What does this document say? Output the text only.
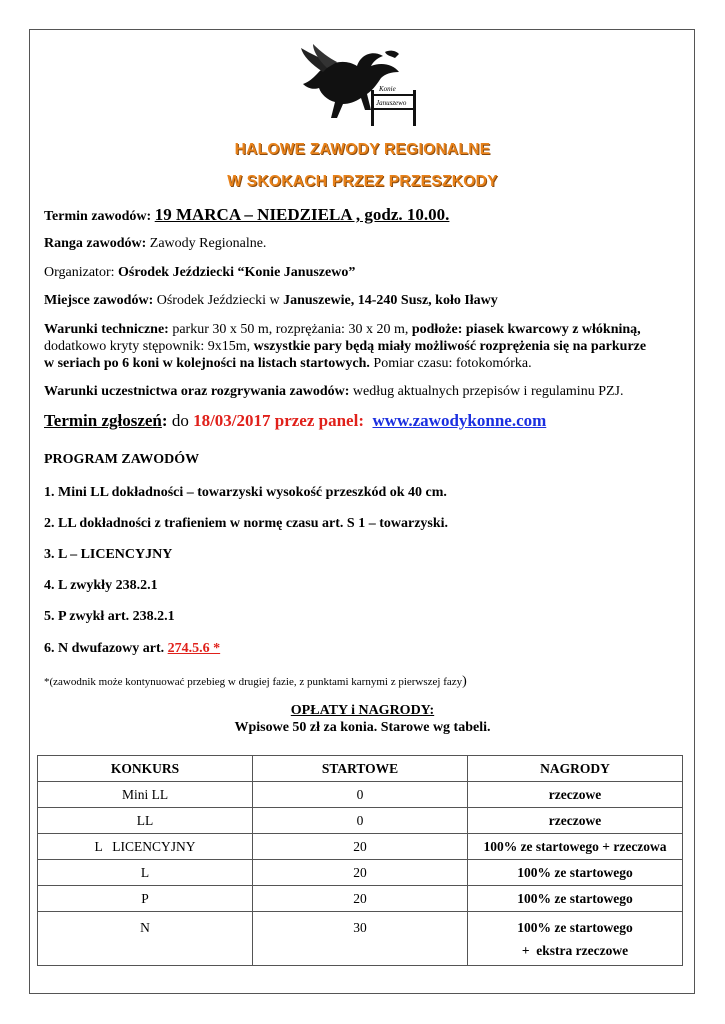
Konie
Januszewo
HALOWE ZAWODY REGIONALNE
W SKOKACH PRZEZ PRZESZKODY
Termin zawodów: 19 MARCA – NIEDZIELA , godz. 10.00.
Ranga zawodów: Zawody Regionalne.
Organizator: Ośrodek Jeździecki “Konie Januszewo”
Miejsce zawodów: Ośrodek Jeździecki w Januszewie, 14-240 Susz, koło Iławy
Warunki techniczne: parkur 30 x 50 m, rozprężania: 30 x 20 m, podłoże: piasek kwarcowy z włókniną,
dodatkowo kryty stępownik: 9x15m, wszystkie pary będą miały możliwość rozprężenia się na parkurze
w seriach po 6 koni w kolejności na listach startowych. Pomiar czasu: fotokomórka.
Warunki uczestnictwa oraz rozgrywania zawodów: według aktualnych przepisów i regulaminu PZJ.
Termin zgłoszeń: do 18/03/2017 przez panel: www.zawodykonne.com
PROGRAM ZAWODÓW
1. Mini LL dokładności – towarzyski wysokość przeszkód ok 40 cm.
2. LL dokładności z trafieniem w normę czasu art. S 1 – towarzyski.
3. L – LICENCYJNY
4. L zwykły 238.2.1
5. P zwykł art. 238.2.1
6. N dwufazowy art. 274.5.6 *
*(zawodnik może kontynuować przebieg w drugiej fazie, z punktami karnymi z pierwszej fazy)
OPŁATY i NAGRODY:
Wpisowe 50 zł za konia. Starowe wg tabeli.
KONKURS	STARTOWE	NAGRODY
Mini LL	0	rzeczowe
LL	0	rzeczowe
L   LICENCYJNY	20	100% ze startowego + rzeczowa
L	20	100% ze startowego
P	20	100% ze startowego
N	30	100% ze startowego
+  ekstra rzeczowe
